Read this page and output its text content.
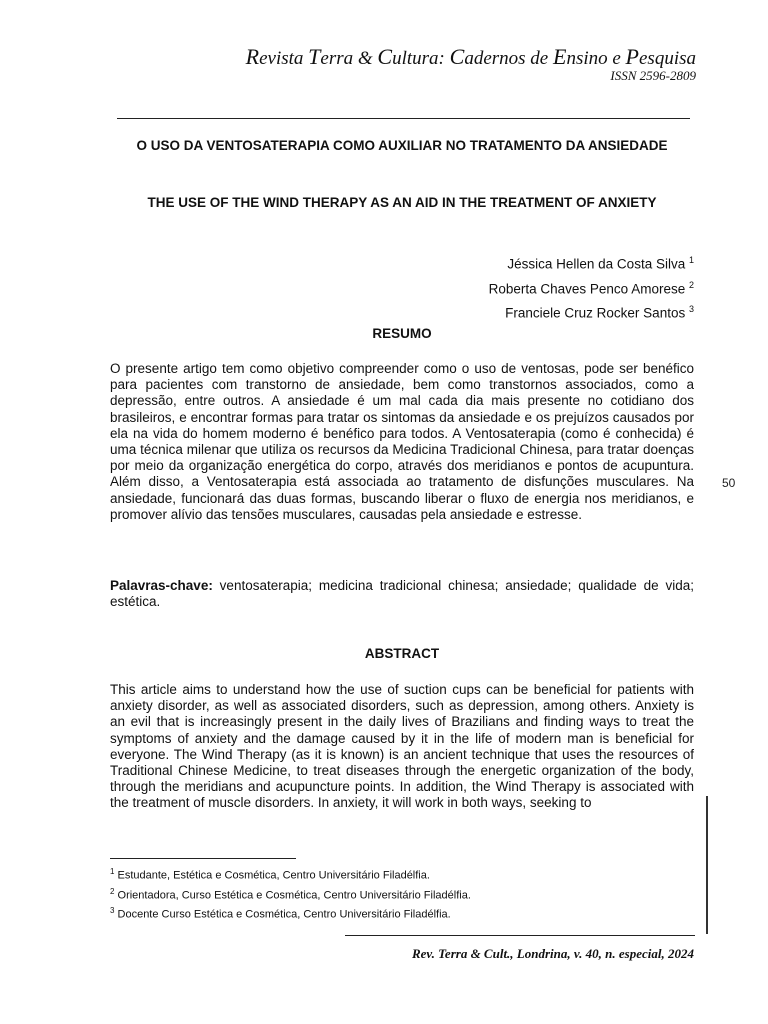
Revista Terra & Cultura: Cadernos de Ensino e Pesquisa
ISSN 2596-2809
O USO DA VENTOSATERAPIA COMO AUXILIAR NO TRATAMENTO DA ANSIEDADE
THE USE OF THE WIND THERAPY AS AN AID IN THE TREATMENT OF ANXIETY
Jéssica Hellen da Costa Silva $^1$
Roberta Chaves Penco Amorese $^2$
Franciele Cruz Rocker Santos $^3$
RESUMO
O presente artigo tem como objetivo compreender como o uso de ventosas, pode ser benéfico para pacientes com transtorno de ansiedade, bem como transtornos associados, como a depressão, entre outros. A ansiedade é um mal cada dia mais presente no cotidiano dos brasileiros, e encontrar formas para tratar os sintomas da ansiedade e os prejuízos causados por ela na vida do homem moderno é benéfico para todos. A Ventosaterapia (como é conhecida) é uma técnica milenar que utiliza os recursos da Medicina Tradicional Chinesa, para tratar doenças por meio da organização energética do corpo, através dos meridianos e pontos de acupuntura. Além disso, a Ventosaterapia está associada ao tratamento de disfunções musculares. Na ansiedade, funcionará das duas formas, buscando liberar o fluxo de energia nos meridianos, e promover alívio das tensões musculares, causadas pela ansiedade e estresse.
Palavras-chave: ventosaterapia; medicina tradicional chinesa; ansiedade; qualidade de vida; estética.
ABSTRACT
This article aims to understand how the use of suction cups can be beneficial for patients with anxiety disorder, as well as associated disorders, such as depression, among others. Anxiety is an evil that is increasingly present in the daily lives of Brazilians and finding ways to treat the symptoms of anxiety and the damage caused by it in the life of modern man is beneficial for everyone. The Wind Therapy (as it is known) is an ancient technique that uses the resources of Traditional Chinese Medicine, to treat diseases through the energetic organization of the body, through the meridians and acupuncture points. In addition, the Wind Therapy is associated with the treatment of muscle disorders. In anxiety, it will work in both ways, seeking to
50
$^1$ Estudante, Estética e Cosmética, Centro Universitário Filadélfia.
$^2$ Orientadora, Curso Estética e Cosmética, Centro Universitário Filadélfia.
$^3$ Docente Curso Estética e Cosmética, Centro Universitário Filadélfia.
Rev. Terra & Cult., Londrina, v. 40, n. especial, 2024
